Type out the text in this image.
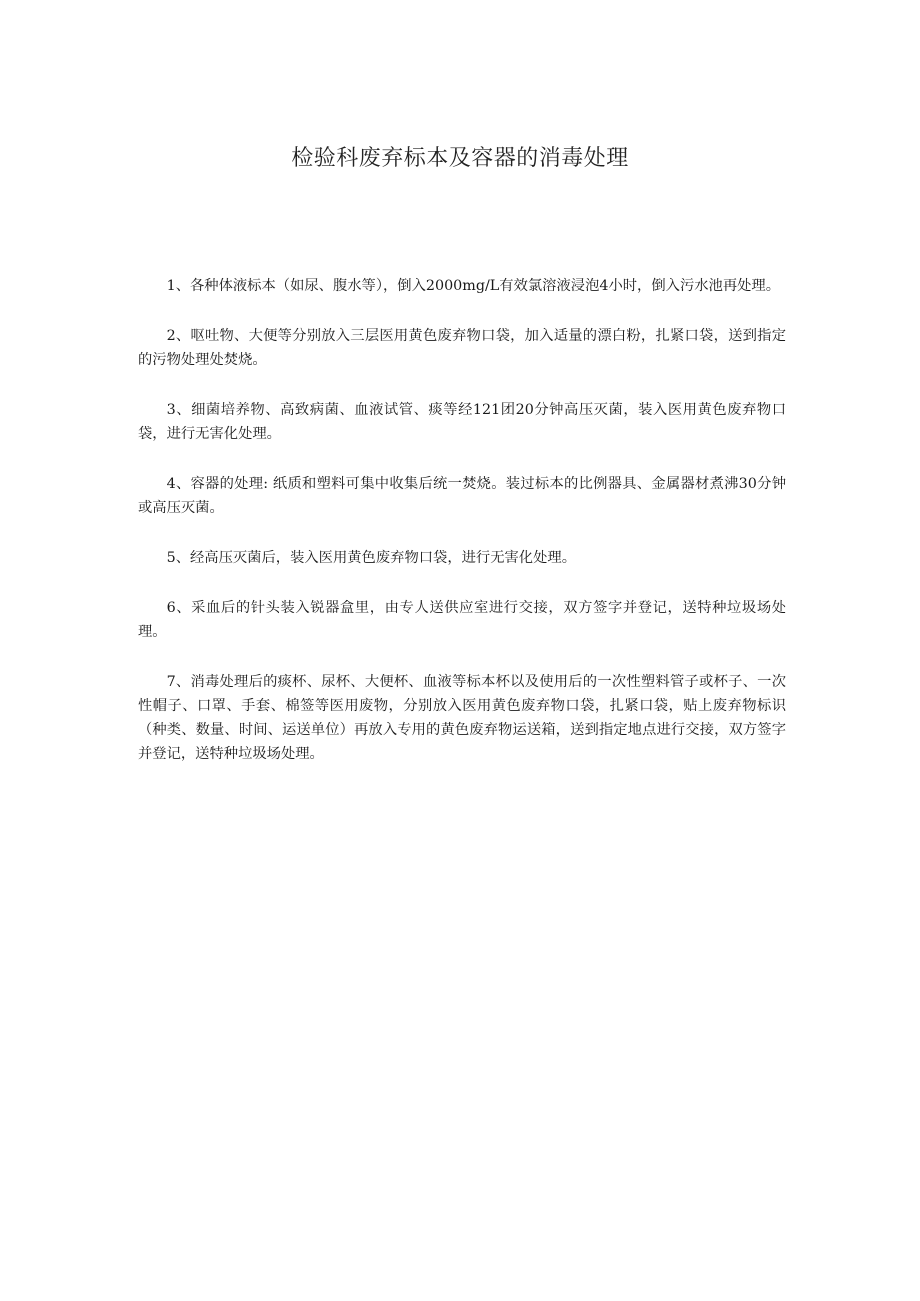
检验科废弃标本及容器的消毒处理

1、各种体液标本（如尿、腹水等），倒入2000mg/L有效氯溶液浸泡4小时，倒入污水池再处理。

2、呕吐物、大便等分别放入三层医用黄色废弃物口袋，加入适量的漂白粉，扎紧口袋，送到指定的污物处理处焚烧。

3、细菌培养物、高致病菌、血液试管、痰等经121团20分钟高压灭菌，装入医用黄色废弃物口袋，进行无害化处理。

4、容器的处理: 纸质和塑料可集中收集后统一焚烧。装过标本的比例器具、金属器材煮沸30分钟或高压灭菌。

5、经高压灭菌后，装入医用黄色废弃物口袋，进行无害化处理。

6、采血后的针头装入锐器盒里，由专人送供应室进行交接，双方签字并登记，送特种垃圾场处理。

7、消毒处理后的痰杯、尿杯、大便杯、血液等标本杯以及使用后的一次性塑料管子或杯子、一次性帽子、口罩、手套、棉签等医用废物，分别放入医用黄色废弃物口袋，扎紧口袋，贴上废弃物标识（种类、数量、时间、运送单位）再放入专用的黄色废弃物运送箱，送到指定地点进行交接，双方签字并登记，送特种垃圾场处理。
